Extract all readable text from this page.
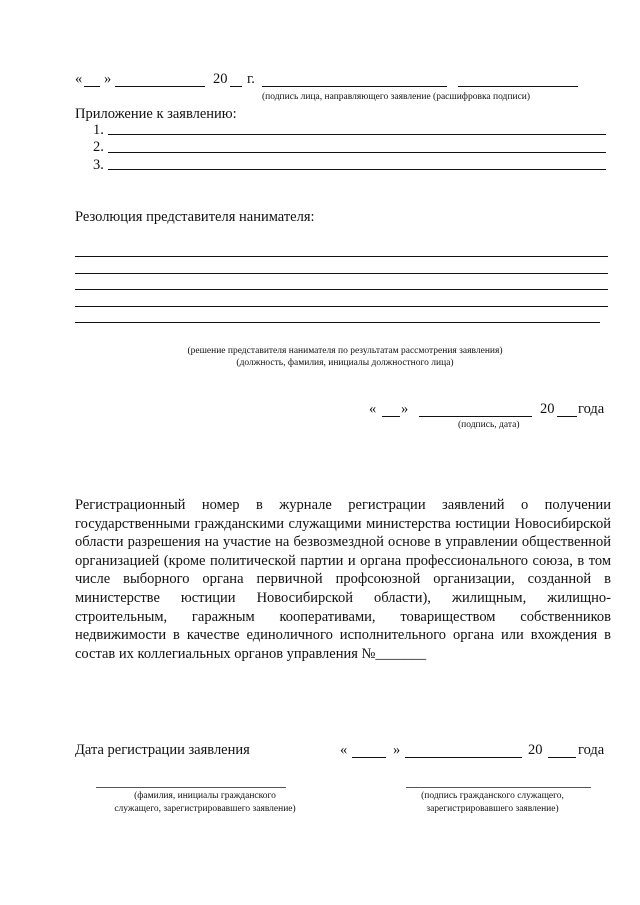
« »	20 г.
(подпись лица, направляющего заявление (расшифровка подписи)
Приложение к заявлению:
1.
2.
3.
Резолюция представителя нанимателя:
(решение представителя нанимателя по результатам рассмотрения заявления)
(должность, фамилия, инициалы должностного лица)
« »	20 года
(подпись, дата)
Регистрационный номер в журнале регистрации заявлений о получении государственными гражданскими служащими министерства юстиции Новосибирской области разрешения на участие на безвозмездной основе в управлении общественной организацией (кроме политической партии и органа профессионального союза, в том числе выборного органа первичной профсоюзной организации, созданной в министерстве юстиции Новосибирской области), жилищным, жилищно-строительным, гаражным кооперативами, товариществом собственников недвижимости в качестве единоличного исполнительного органа или вхождения в состав их коллегиальных органов управления №_______
Дата регистрации заявления	«	»	20 года
(фамилия, инициалы гражданского служащего, зарегистрировавшего заявление)
(подпись гражданского служащего, зарегистрировавшего заявление)
